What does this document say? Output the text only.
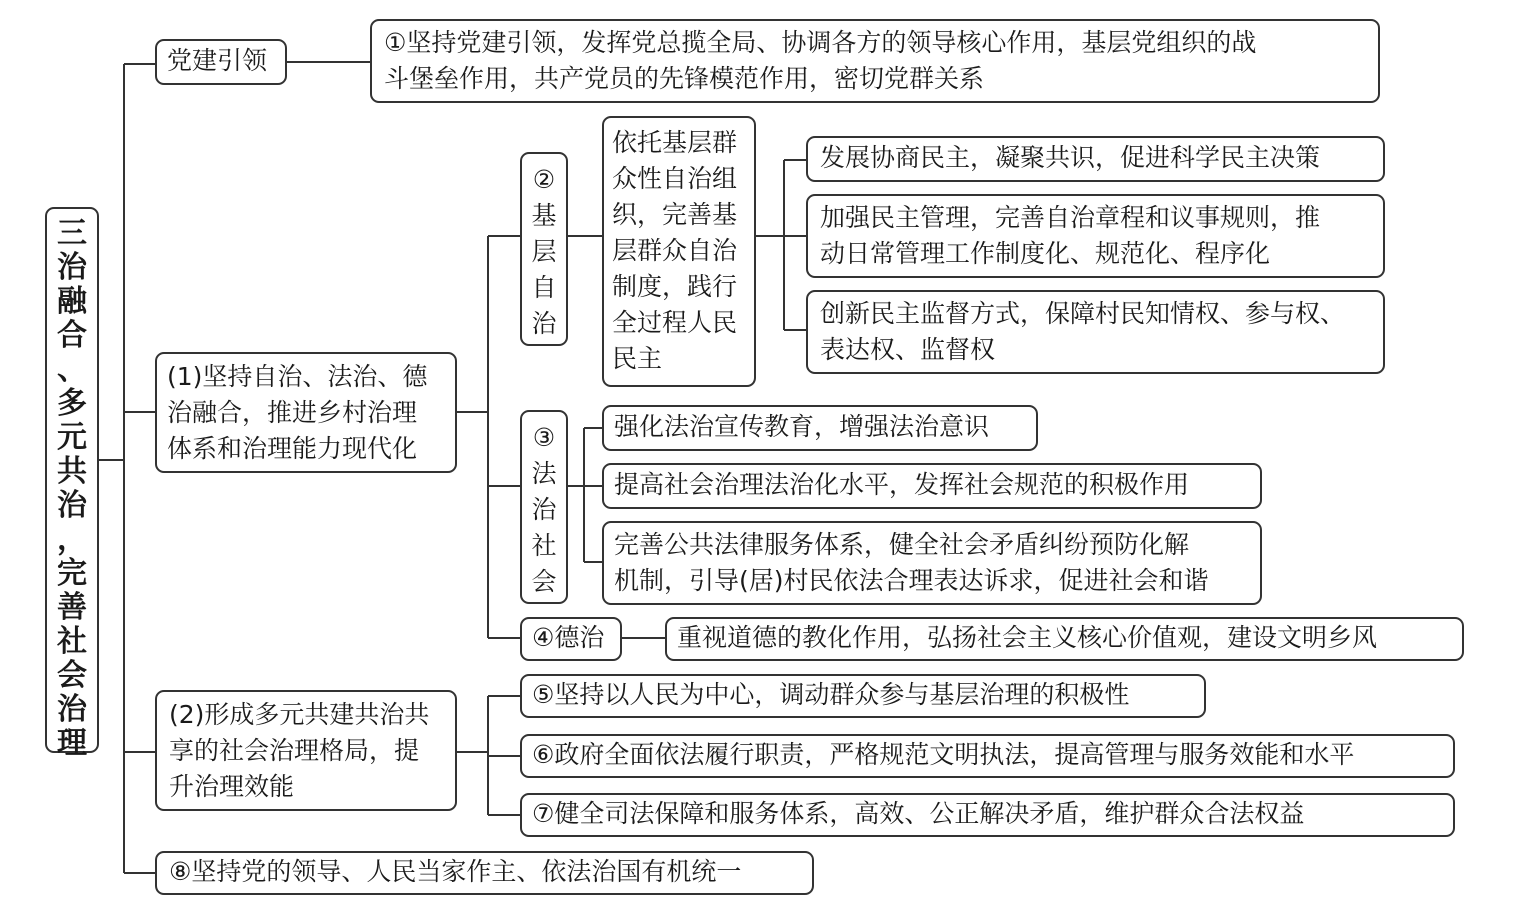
三
治
融
合
、
多
元
共
治
，
完
善
社
会
治
理
党建引领
①坚持党建引领，发挥党总揽全局、协调各方的领导核心作用，基层党组织的战
斗堡垒作用，共产党员的先锋模范作用，密切党群关系
(1)坚持自治、法治、德
治融合，推进乡村治理
体系和治理能力现代化
②
基
层
自
治
依托基层群
众性自治组
织，完善基
层群众自治
制度，践行
全过程人民
民主
发展协商民主，凝聚共识，促进科学民主决策
加强民主管理，完善自治章程和议事规则，推
动日常管理工作制度化、规范化、程序化
创新民主监督方式，保障村民知情权、参与权、
表达权、监督权
③
法
治
社
会
强化法治宣传教育，增强法治意识
提高社会治理法治化水平，发挥社会规范的积极作用
完善公共法律服务体系，健全社会矛盾纠纷预防化解
机制，引导(居)村民依法合理表达诉求，促进社会和谐
④德治	重视道德的教化作用，弘扬社会主义核心价值观，建设文明乡风
(2)形成多元共建共治共
享的社会治理格局，提
升治理效能
⑤坚持以人民为中心，调动群众参与基层治理的积极性
⑥政府全面依法履行职责，严格规范文明执法，提高管理与服务效能和水平
⑦健全司法保障和服务体系，高效、公正解决矛盾，维护群众合法权益
⑧坚持党的领导、人民当家作主、依法治国有机统一
